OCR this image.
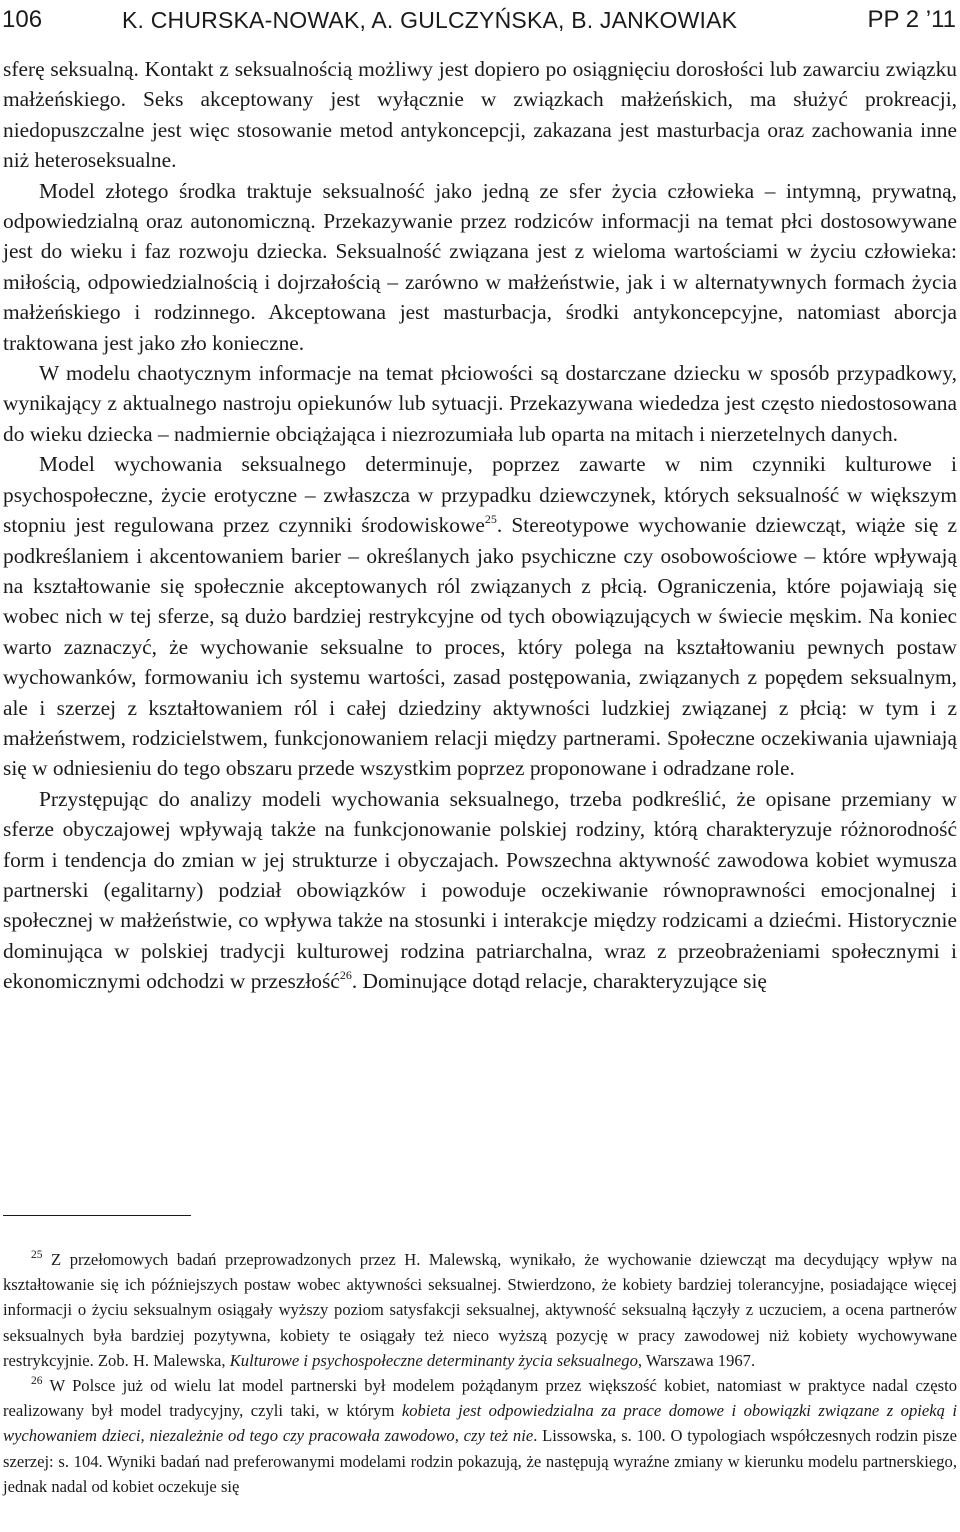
106	K. CHURSKA-NOWAK, A. GULCZYŃSKA, B. JANKOWIAK	PP 2 ’11

sferę seksualną. Kontakt z seksualnością możliwy jest dopiero po osiągnięciu dorosłości lub zawarciu związku małżeńskiego. Seks akceptowany jest wyłącznie w związkach małżeńskich, ma służyć prokreacji, niedopuszczalne jest więc stosowanie metod antykoncepcji, zakazana jest masturbacja oraz zachowania inne niż heteroseksualne.

Model złotego środka traktuje seksualność jako jedną ze sfer życia człowieka – intymną, prywatną, odpowiedzialną oraz autonomiczną. Przekazywanie przez rodziców informacji na temat płci dostosowywane jest do wieku i faz rozwoju dziecka. Seksualność związana jest z wieloma wartościami w życiu człowieka: miłością, odpowiedzialnością i dojrzałością – zarówno w małżeństwie, jak i w alternatywnych formach życia małżeńskiego i rodzinnego. Akceptowana jest masturbacja, środki antykoncepcyjne, natomiast aborcja traktowana jest jako zło konieczne.

W modelu chaotycznym informacje na temat płciowości są dostarczane dziecku w sposób przypadkowy, wynikający z aktualnego nastroju opiekunów lub sytuacji. Przekazywana wiededza jest często niedostosowana do wieku dziecka – nadmiernie obciążająca i niezrozumiała lub oparta na mitach i nierzetelnych danych.

Model wychowania seksualnego determinuje, poprzez zawarte w nim czynniki kulturowe i psychospołeczne, życie erotyczne – zwłaszcza w przypadku dziewczynek, których seksualność w większym stopniu jest regulowana przez czynniki środowiskowe$^{25}$. Stereotypowe wychowanie dziewcząt, wiąże się z podkreślaniem i akcentowaniem barier – określanych jako psychiczne czy osobowościowe – które wpływają na kształtowanie się społecznie akceptowanych ról związanych z płcią. Ograniczenia, które pojawiają się wobec nich w tej sferze, są dużo bardziej restrykcyjne od tych obowiązujących w świecie męskim. Na koniec warto zaznaczyć, że wychowanie seksualne to proces, który polega na kształtowaniu pewnych postaw wychowanków, formowaniu ich systemu wartości, zasad postępowania, związanych z popędem seksualnym, ale i szerzej z kształtowaniem ról i całej dziedziny aktywności ludzkiej związanej z płcią: w tym i z małżeństwem, rodzicielstwem, funkcjonowaniem relacji między partnerami. Społeczne oczekiwania ujawniają się w odniesieniu do tego obszaru przede wszystkim poprzez proponowane i odradzane role.

Przystępując do analizy modeli wychowania seksualnego, trzeba podkreślić, że opisane przemiany w sferze obyczajowej wpływają także na funkcjonowanie polskiej rodziny, którą charakteryzuje różnorodność form i tendencja do zmian w jej strukturze i obyczajach. Powszechna aktywność zawodowa kobiet wymusza partnerski (egalitarny) podział obowiązków i powoduje oczekiwanie równoprawności emocjonalnej i społecznej w małżeństwie, co wpływa także na stosunki i interakcje między rodzicami a dziećmi. Historycznie dominująca w polskiej tradycji kulturowej rodzina patriarchalna, wraz z przeobrażeniami społecznymi i ekonomicznymi odchodzi w przeszłość$^{26}$. Dominujące dotąd relacje, charakteryzujące się

$^{25}$ Z przełomowych badań przeprowadzonych przez H. Malewską, wynikało, że wychowanie dziewcząt ma decydujący wpływ na kształtowanie się ich późniejszych postaw wobec aktywności seksualnej. Stwierdzono, że kobiety bardziej tolerancyjne, posiadające więcej informacji o życiu seksualnym osiągały wyższy poziom satysfakcji seksualnej, aktywność seksualną łączyły z uczuciem, a ocena partnerów seksualnych była bardziej pozytywna, kobiety te osiągały też nieco wyższą pozycję w pracy zawodowej niż kobiety wychowywane restrykcyjnie. Zob. H. Malewska, Kulturowe i psychospołeczne determinanty życia seksualnego, Warszawa 1967.

$^{26}$ W Polsce już od wielu lat model partnerski był modelem pożądanym przez większość kobiet, natomiast w praktyce nadal często realizowany był model tradycyjny, czyli taki, w którym kobieta jest odpowiedzialna za prace domowe i obowiązki związane z opieką i wychowaniem dzieci, niezależnie od tego czy pracowała zawodowo, czy też nie. Lissowska, s. 100. O typologiach współczesnych rodzin pisze szerzej: s. 104. Wyniki badań nad preferowanymi modelami rodzin pokazują, że następują wyraźne zmiany w kierunku modelu partnerskiego, jednak nadal od kobiet oczekuje się
